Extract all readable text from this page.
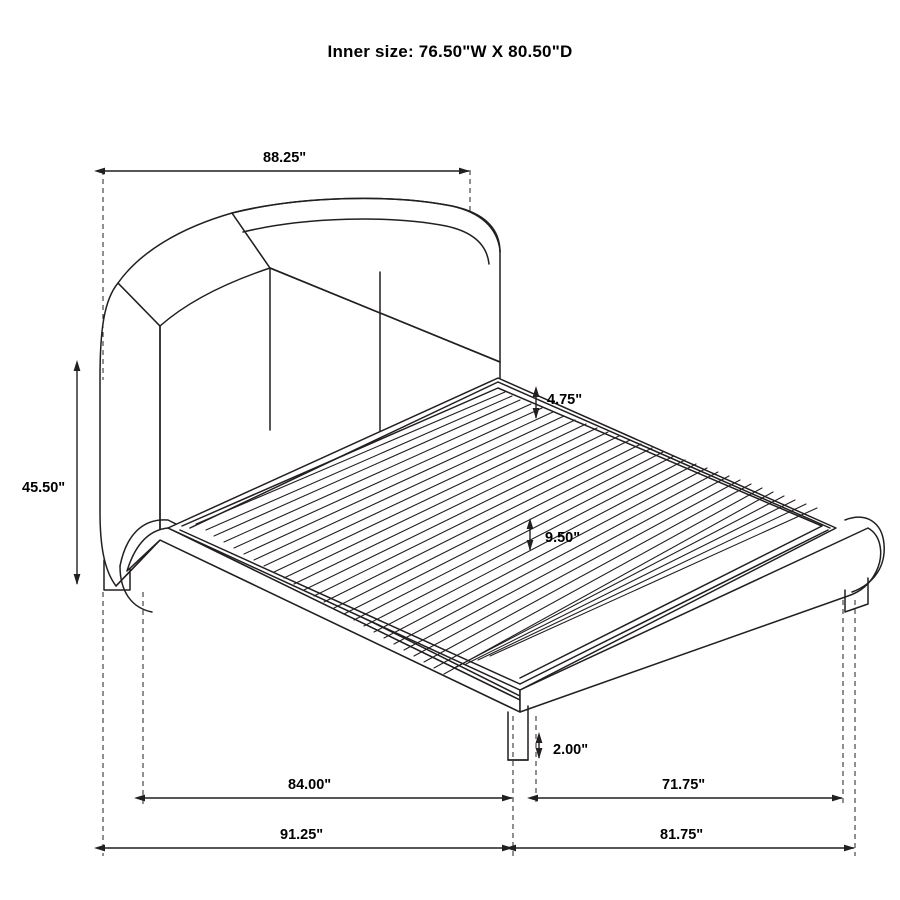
Inner size: 76.50"W X 80.50"D
88.25"
45.50"
4.75"
9.50"
2.00"
84.00"	71.75"
91.25"	81.75"
